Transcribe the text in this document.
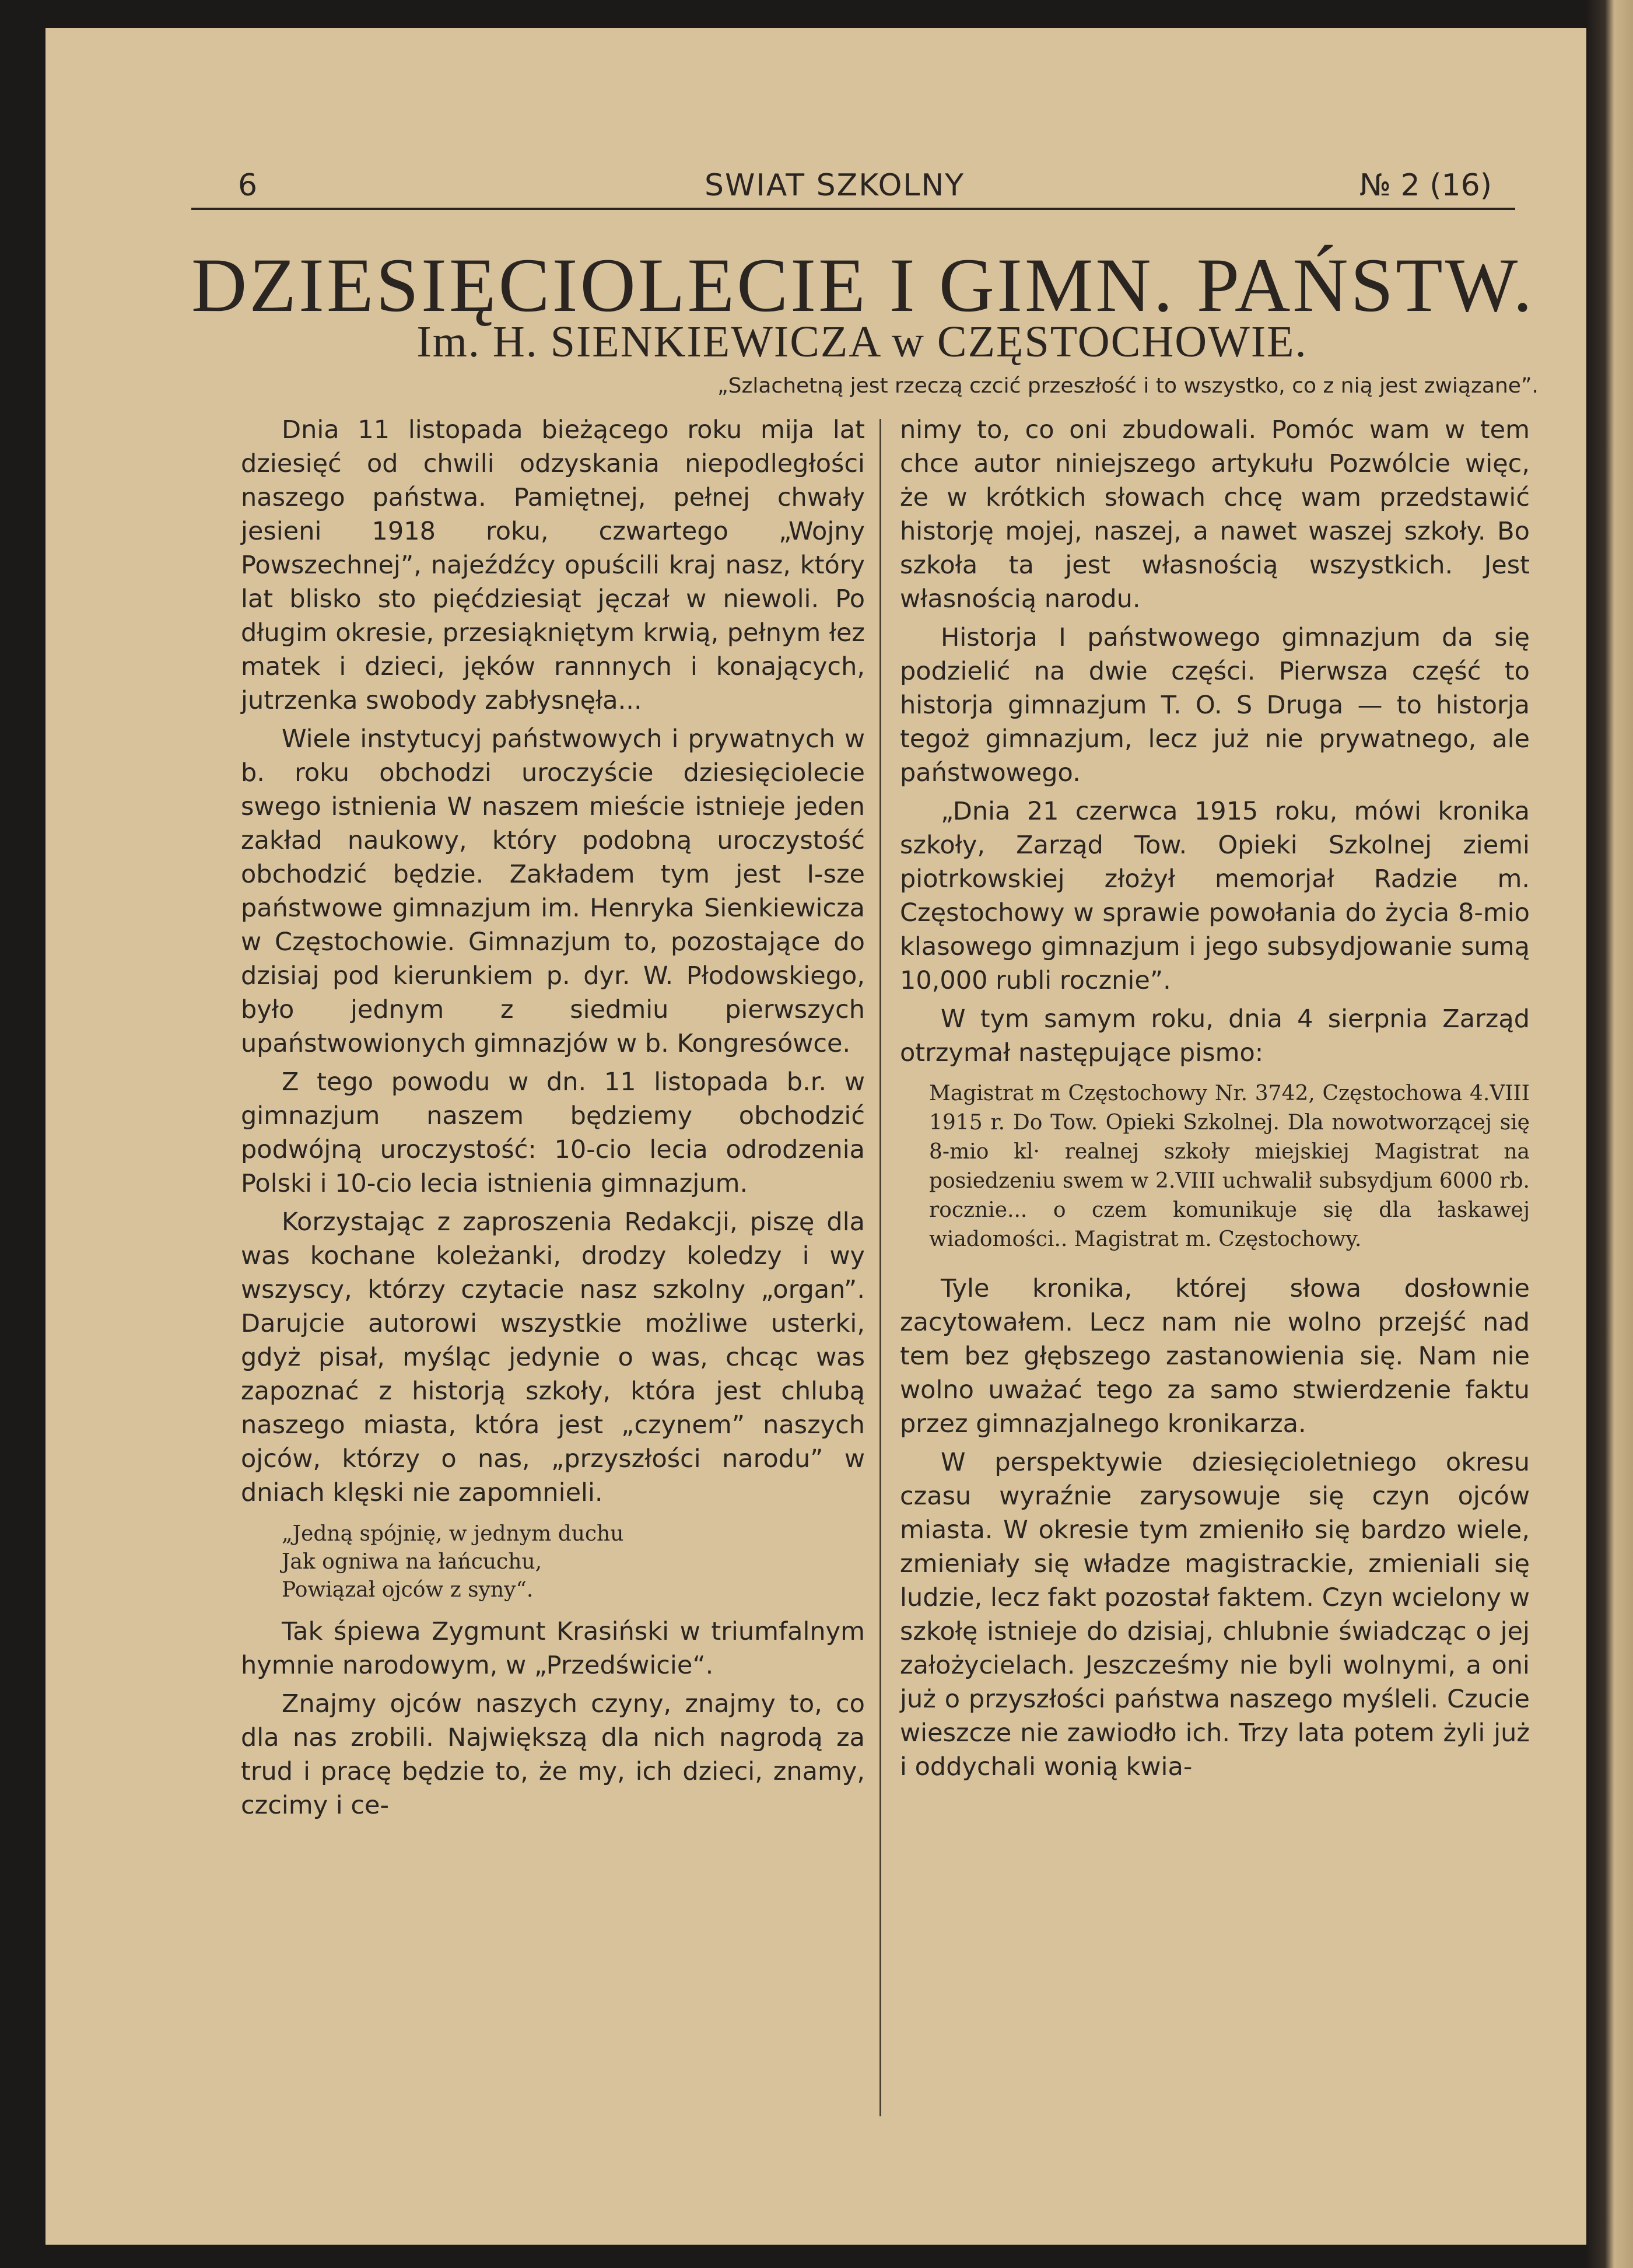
6	SWIAT SZKOLNY	№ 2 (16)
DZIESIĘCIOLECIE I GIMN. PAŃSTW.
Im. H. SIENKIEWICZA w CZĘSTOCHOWIE.
„Szlachetną jest rzeczą czcić przeszłość i to wszystko, co z nią jest związane”.

Dnia 11 listopada bieżącego roku mija lat dziesięć od chwili odzyskania niepodległości naszego państwa. Pamiętnej, pełnej chwały jesieni 1918 roku, czwartego „Wojny Powszechnej”, najeźdźcy opuścili kraj nasz, który lat blisko sto pięćdziesiąt jęczał w niewoli. Po długim okresie, przesiąkniętym krwią, pełnym łez matek i dzieci, jęków rannnych i konających, jutrzenka swobody zabłysnęła...

Wiele instytucyj państwowych i prywatnych w b. roku obchodzi uroczyście dziesięciolecie swego istnienia W naszem mieście istnieje jeden zakład naukowy, który podobną uroczystość obchodzić będzie. Zakładem tym jest I-sze państwowe gimnazjum im. Henryka Sienkiewicza w Częstochowie. Gimnazjum to, pozostające do dzisiaj pod kierunkiem p. dyr. W. Płodowskiego, było jednym z siedmiu pierwszych upaństwowionych gimnazjów w b. Kongresówce.

Z tego powodu w dn. 11 listopada b.r. w gimnazjum naszem będziemy obchodzić podwójną uroczystość: 10-cio lecia odrodzenia Polski i 10-cio lecia istnienia gimnazjum.

Korzystając z zaproszenia Redakcji, piszę dla was kochane koleżanki, drodzy koledzy i wy wszyscy, którzy czytacie nasz szkolny „organ”. Darujcie autorowi wszystkie możliwe usterki, gdyż pisał, myśląc jedynie o was, chcąc was zapoznać z historją szkoły, która jest chlubą naszego miasta, która jest „czynem” naszych ojców, którzy o nas, „przyszłości narodu” w dniach klęski nie zapomnieli.

„Jedną spójnię, w jednym duchu
Jak ogniwa na łańcuchu,
Powiązał ojców z syny“.

Tak śpiewa Zygmunt Krasiński w triumfalnym hymnie narodowym, w „Przedświcie“.

Znajmy ojców naszych czyny, znajmy to, co dla nas zrobili. Największą dla nich nagrodą za trud i pracę będzie to, że my, ich dzieci, znamy, czcimy i ce-

nimy to, co oni zbudowali. Pomóc wam w tem chce autor niniejszego artykułu Pozwólcie więc, że w krótkich słowach chcę wam przedstawić historję mojej, naszej, a nawet waszej szkoły. Bo szkoła ta jest własnością wszystkich. Jest własnością narodu.

Historja I państwowego gimnazjum da się podzielić na dwie części. Pierwsza część to historja gimnazjum T. O. S Druga — to historja tegoż gimnazjum, lecz już nie prywatnego, ale państwowego.

„Dnia 21 czerwca 1915 roku, mówi kronika szkoły, Zarząd Tow. Opieki Szkolnej ziemi piotrkowskiej złożył memorjał Radzie m. Częstochowy w sprawie powołania do życia 8-mio klasowego gimnazjum i jego subsydjowanie sumą 10,000 rubli rocznie”.

W tym samym roku, dnia 4 sierpnia Zarząd otrzymał następujące pismo:

Magistrat m Częstochowy Nr. 3742, Częstochowa 4.VIII 1915 r. Do Tow. Opieki Szkolnej. Dla nowotworzącej się 8-mio kl· realnej szkoły miejskiej Magistrat na posiedzeniu swem w 2.VIII uchwalił subsydjum 6000 rb. rocznie... o czem komunikuje się dla łaskawej wiadomości.. Magistrat m. Częstochowy.

Tyle kronika, której słowa dosłownie zacytowałem. Lecz nam nie wolno przejść nad tem bez głębszego zastanowienia się. Nam nie wolno uważać tego za samo stwierdzenie faktu przez gimnazjalnego kronikarza.

W perspektywie dziesięcioletniego okresu czasu wyraźnie zarysowuje się czyn ojców miasta. W okresie tym zmieniło się bardzo wiele, zmieniały się władze magistrackie, zmieniali się ludzie, lecz fakt pozostał faktem. Czyn wcielony w szkołę istnieje do dzisiaj, chlubnie świadcząc o jej założycielach. Jeszcześmy nie byli wolnymi, a oni już o przyszłości państwa naszego myśleli. Czucie wieszcze nie zawiodło ich. Trzy lata potem żyli już i oddychali wonią kwia-
